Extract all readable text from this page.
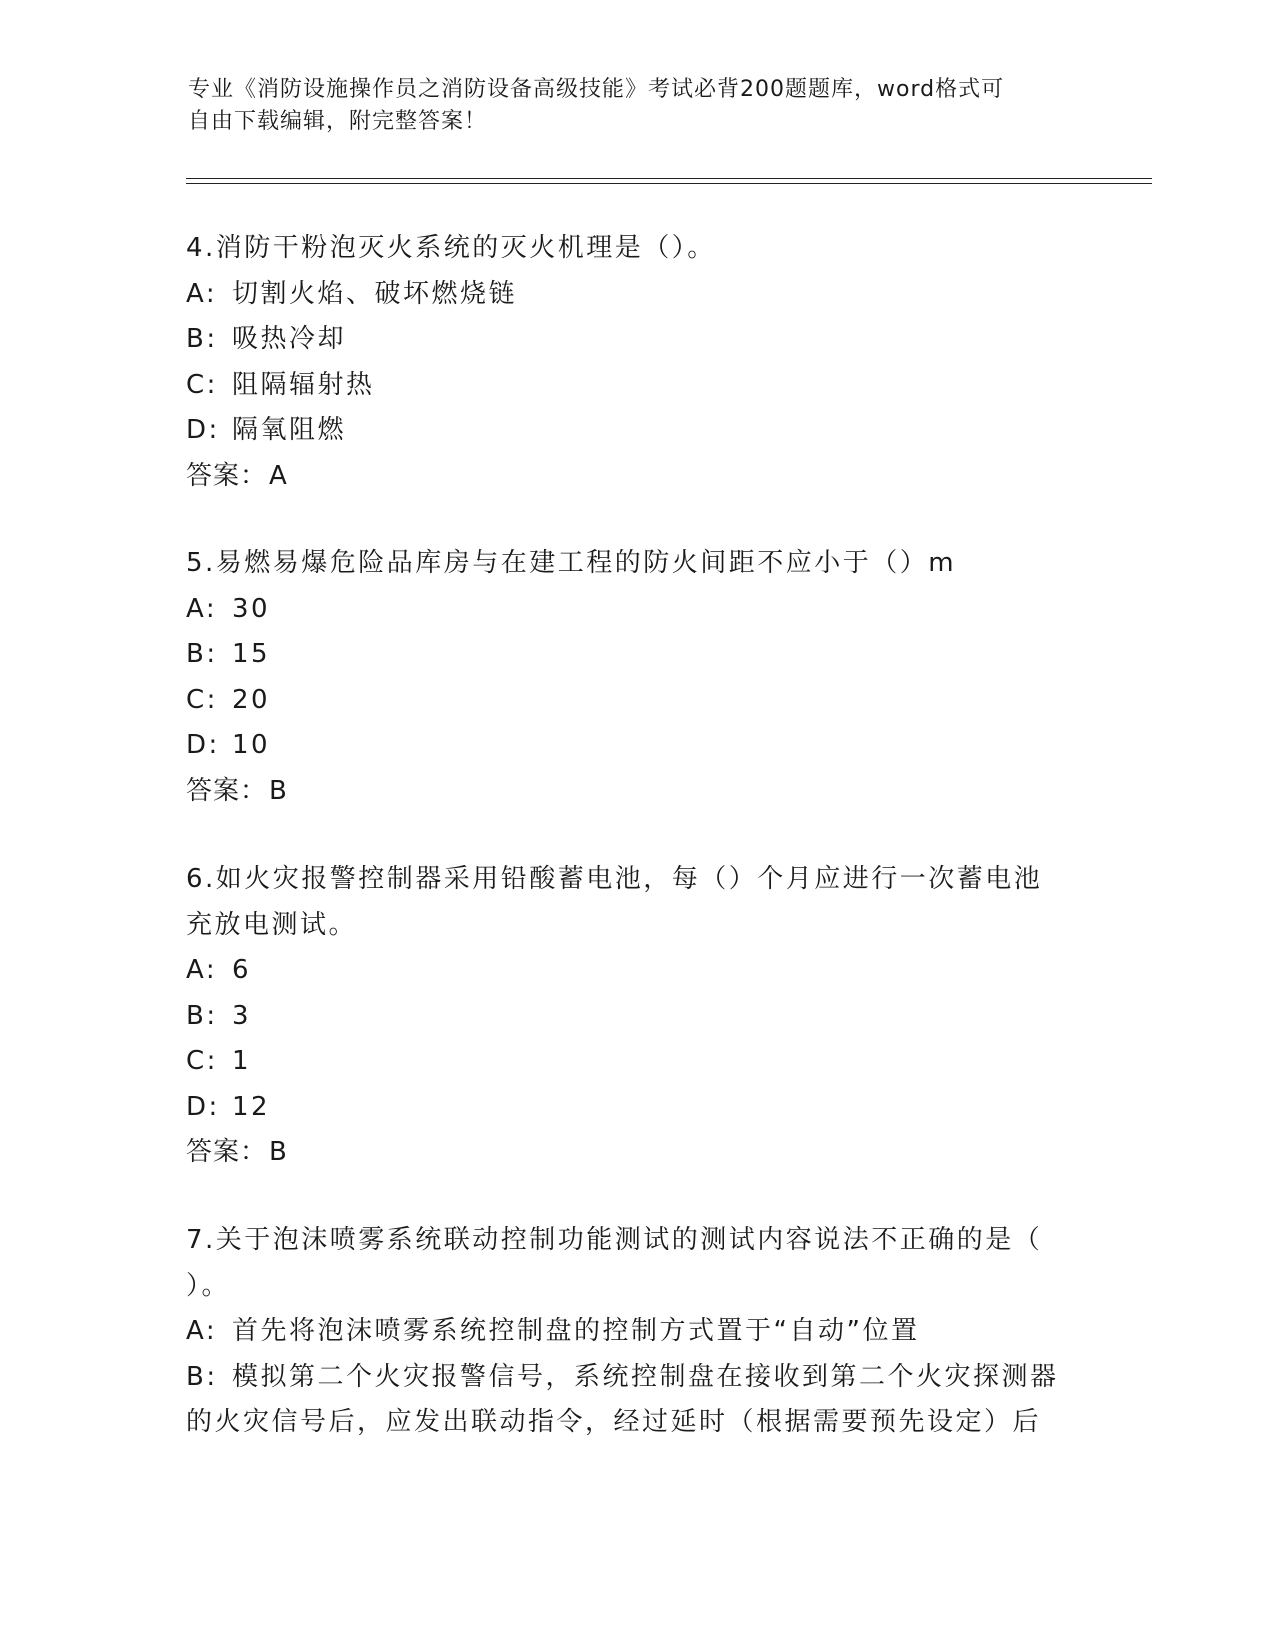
专业《消防设施操作员之消防设备高级技能》考试必背200题题库，word格式可
自由下载编辑，附完整答案！
4.消防干粉泡灭火系统的灭火机理是（）。
A: 切割火焰、破坏燃烧链
B: 吸热冷却
C: 阻隔辐射热
D: 隔氧阻燃
答案：A
5.易燃易爆危险品库房与在建工程的防火间距不应小于（）m
A: 30
B: 15
C: 20
D: 10
答案：B
6.如火灾报警控制器采用铅酸蓄电池，每（）个月应进行一次蓄电池
充放电测试。
A: 6
B: 3
C: 1
D: 12
答案：B
7.关于泡沫喷雾系统联动控制功能测试的测试内容说法不正确的是（
）。
A: 首先将泡沫喷雾系统控制盘的控制方式置于“自动”位置
B: 模拟第二个火灾报警信号，系统控制盘在接收到第二个火灾探测器
的火灾信号后，应发出联动指令，经过延时（根据需要预先设定）后
